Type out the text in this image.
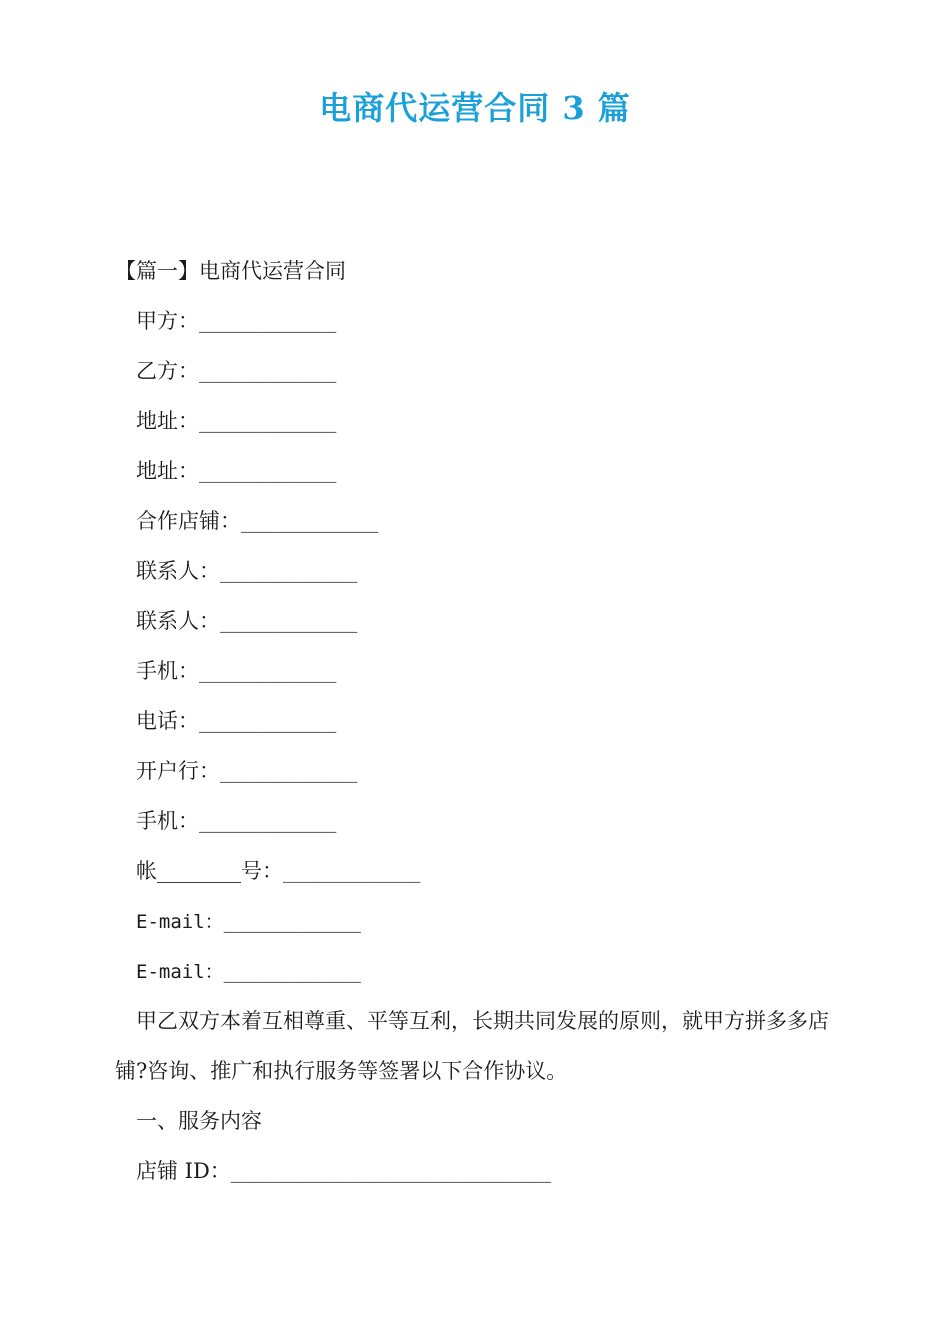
电商代运营合同 3 篇
【篇一】电商代运营合同
甲方：____________
乙方：____________
地址：____________
地址：____________
合作店铺：____________
联系人：____________
联系人：____________
手机：____________
电话：____________
开户行：____________
手机：____________
帐________号：____________
E-mail：____________
E-mail：____________
甲乙双方本着互相尊重、平等互利，长期共同发展的原则，就甲方拼多多店铺?咨询、推广和执行服务等签署以下合作协议。
一、服务内容
店铺 ID：____________________________
